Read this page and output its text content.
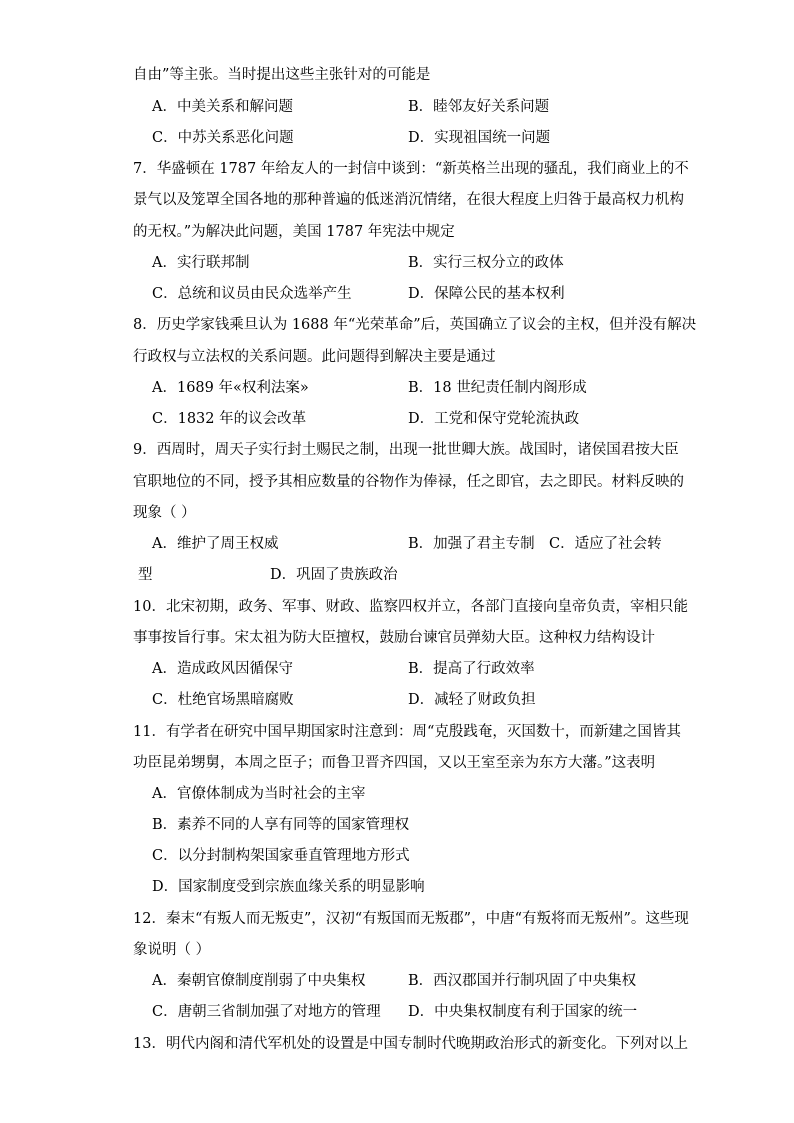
自由”等主张。当时提出这些主张针对的可能是
A．中美关系和解问题	B．睦邻友好关系问题
C．中苏关系恶化问题	D．实现祖国统一问题
7．华盛顿在 1787 年给友人的一封信中谈到：“新英格兰出现的骚乱，我们商业上的不
景气以及笼罩全国各地的那种普遍的低迷消沉情绪，在很大程度上归咎于最高权力机构
的无权。”为解决此问题，美国 1787 年宪法中规定
A．实行联邦制	B．实行三权分立的政体
C．总统和议员由民众选举产生	D．保障公民的基本权利
8．历史学家钱乘旦认为 1688 年“光荣革命”后，英国确立了议会的主权，但并没有解决
行政权与立法权的关系问题。此问题得到解决主要是通过
A．1689 年«权利法案»	B．18 世纪责任制内阁形成
C．1832 年的议会改革	D．工党和保守党轮流执政
9．西周时，周天子实行封土赐民之制，出现一批世卿大族。战国时，诸侯国君按大臣
官职地位的不同，授予其相应数量的谷物作为俸禄，任之即官，去之即民。材料反映的
现象（ ）
A．维护了周王权威	B．加强了君主专制 C．适应了社会转
型	D．巩固了贵族政治
10．北宋初期，政务、军事、财政、监察四权并立，各部门直接向皇帝负责，宰相只能
事事按旨行事。宋太祖为防大臣擅权，鼓励台谏官员弹劾大臣。这种权力结构设计
A．造成政风因循保守	B．提高了行政效率
C．杜绝官场黑暗腐败	D．减轻了财政负担
11．有学者在研究中国早期国家时注意到：周“克殷践奄，灭国数十，而新建之国皆其
功臣昆弟甥舅，本周之臣子；而鲁卫晋齐四国，又以王室至亲为东方大藩。”这表明
A．官僚体制成为当时社会的主宰
B．素养不同的人享有同等的国家管理权
C．以分封制构架国家垂直管理地方形式
D．国家制度受到宗族血缘关系的明显影响
12．秦末“有叛人而无叛吏”，汉初“有叛国而无叛郡”，中唐“有叛将而无叛州”。这些现
象说明（ ）
A．秦朝官僚制度削弱了中央集权	B．西汉郡国并行制巩固了中央集权
C．唐朝三省制加强了对地方的管理 D．中央集权制度有利于国家的统一
13．明代内阁和清代军机处的设置是中国专制时代晚期政治形式的新变化。下列对以上
